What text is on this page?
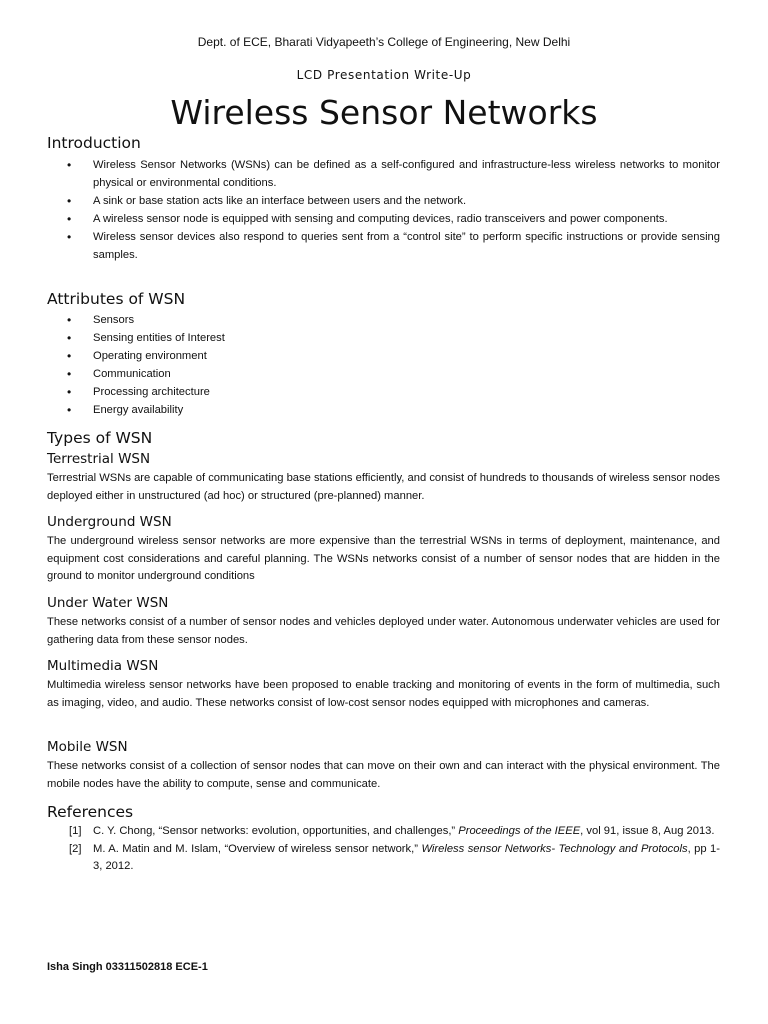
Dept. of ECE, Bharati Vidyapeeth’s College of Engineering, New Delhi
LCD Presentation Write-Up
Wireless Sensor Networks
Introduction
• Wireless Sensor Networks (WSNs) can be defined as a self-configured and infrastructure-less wireless networks to monitor physical or environmental conditions.
• A sink or base station acts like an interface between users and the network.
• A wireless sensor node is equipped with sensing and computing devices, radio transceivers and power components.
• Wireless sensor devices also respond to queries sent from a “control site” to perform specific instructions or provide sensing samples.
Attributes of WSN
• Sensors
• Sensing entities of Interest
• Operating environment
• Communication
• Processing architecture
• Energy availability
Types of WSN
Terrestrial WSN

Terrestrial WSNs are capable of communicating base stations efficiently, and consist of hundreds to thousands of wireless sensor nodes deployed either in unstructured (ad hoc) or structured (pre-planned) manner.

Underground WSN

The underground wireless sensor networks are more expensive than the terrestrial WSNs in terms of deployment, maintenance, and equipment cost considerations and careful planning. The WSNs networks consist of a number of sensor nodes that are hidden in the ground to monitor underground conditions

Under Water WSN

These networks consist of a number of sensor nodes and vehicles deployed under water. Autonomous underwater vehicles are used for gathering data from these sensor nodes.

Multimedia WSN

Multimedia wireless sensor networks have been proposed to enable tracking and monitoring of events in the form of multimedia, such as imaging, video, and audio. These networks consist of low-cost sensor nodes equipped with microphones and cameras.

Mobile WSN

These networks consist of a collection of sensor nodes that can move on their own and can interact with the physical environment. The mobile nodes have the ability to compute, sense and communicate.

References
[1] C. Y. Chong, “Sensor networks: evolution, opportunities, and challenges,” Proceedings of the IEEE, vol 91, issue 8, Aug 2013.
[2] M. A. Matin and M. Islam, “Overview of wireless sensor network,” Wireless sensor Networks- Technology and Protocols, pp 1-3, 2012.
Isha Singh 03311502818 ECE-1
